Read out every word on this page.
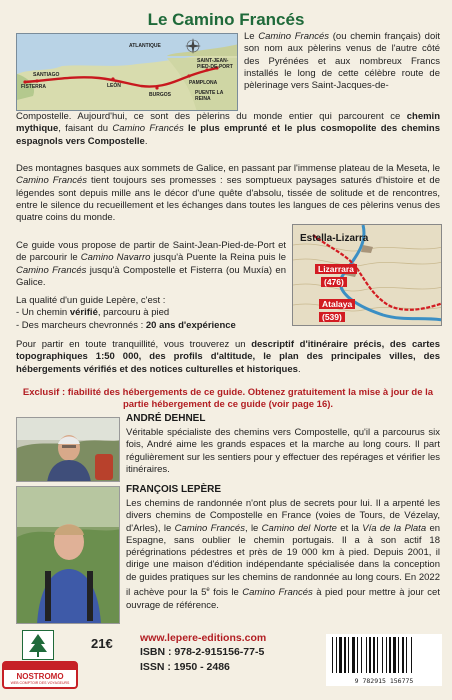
Le Camino Francés
ATLANTIQUE
FISTERRA
SANTIAGO
LEÓN
BURGOS
PAMPLONA
PUENTE LA REINA
SAINT-JEAN-PIED-DE-PORT
Le Camino Francés (ou chemin français) doit son nom aux pèlerins venus de l'autre côté des Pyrénées et aux nombreux Francs installés le long de cette célèbre route de pèlerinage vers Saint-Jacques-de-
Compostelle. Aujourd'hui, ce sont des pèlerins du monde entier qui parcourent ce chemin mythique, faisant du Camino Francés le plus emprunté et le plus cosmopolite des chemins espagnols vers Compostelle.
Des montagnes basques aux sommets de Galice, en passant par l'immense plateau de la Meseta, le Camino Francés tient toujours ses promesses : ses somptueux paysages saturés d'histoire et de légendes sont depuis mille ans le décor d'une quête d'absolu, tissée de solitude et de rencontres, entre le silence du recueillement et les échanges dans toutes les langues de ces pèlerins venus des quatre coins du monde.
Ce guide vous propose de partir de Saint-Jean-Pied-de-Port et de parcourir le Camino Navarro jusqu'à Puente la Reina puis le Camino Francés jusqu'à Compostelle et Fisterra (ou Muxía) en Galice.
La qualité d'un guide Lepère, c'est :
- Un chemin vérifié, parcouru à pied
- Des marcheurs chevronnés : 20 ans d'expérience
Estella-Lizarra
Lizarrara
(476)
Atalaya
(539)
Pour partir en toute tranquillité, vous trouverez un descriptif d'itinéraire précis, des cartes topographiques 1:50 000, des profils d'altitude, le plan des principales villes, des hébergements vérifiés et des notices culturelles et historiques.
Exclusif : fiabilité des hébergements de ce guide. Obtenez gratuitement la mise à jour de la partie hébergement de ce guide (voir page 16).
ANDRÉ DEHNEL
Véritable spécialiste des chemins vers Compostelle, qu'il a parcourus six fois, André aime les grands espaces et la marche au long cours. Il part régulièrement sur les sentiers pour y effectuer des repérages et vérifier les itinéraires.
FRANÇOIS LEPÈRE
Les chemins de randonnée n'ont plus de secrets pour lui. Il a arpenté les divers chemins de Compostelle en France (voies de Tours, de Vézelay, d'Arles), le Camino Francés, le Camino del Norte et la Vía de la Plata en Espagne, sans oublier le chemin portugais. Il a à son actif 18 pérégrinations pédestres et près de 19 000 km à pied. Depuis 2001, il dirige une maison d'édition indépendante spécialisée dans la conception de guides pratiques sur les chemins de randonnée au long cours. En 2022 il achève pour la 5e fois le Camino Francés à pied pour mettre à jour cet ouvrage de référence.
21€	www.lepere-editions.com
ISBN : 978-2-915156-77-5
ISSN : 1950 - 2486
9 782915 156775
NOSTROMO
WEB COMPTOIR DES VOYAGEURS
